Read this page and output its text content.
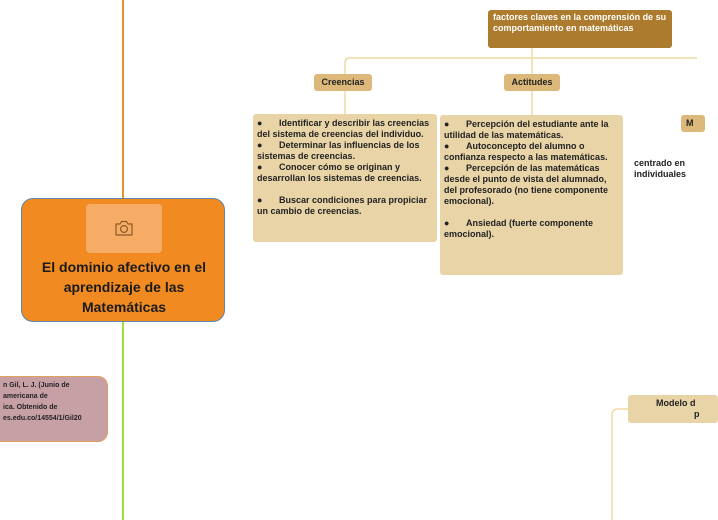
factores claves en la comprensión de su comportamiento en matemáticas
Creencias	Actitudes
M
● Identificar y describir las creencias del sistema de creencias del individuo.
● Determinar las influencias de los sistemas de creencias.
● Conocer cómo se originan y desarrollan los sistemas de creencias.
● Buscar condiciones para propiciar un cambio de creencias.
● Percepción del estudiante ante la utilidad de las matemáticas.
● Autoconcepto del alumno o confianza respecto a las matemáticas.
● Percepción de las matemáticas desde el punto de vista del alumnado, del profesorado (no tiene componente emocional).
● Ansiedad (fuerte componente emocional).
centrado en
individuales
Modelo d
p
El dominio afectivo en el aprendizaje de las Matemáticas
n Gil, L. J. (Junio de
americana de
ica. Obtenido de
es.edu.co/14554/1/Gil20
